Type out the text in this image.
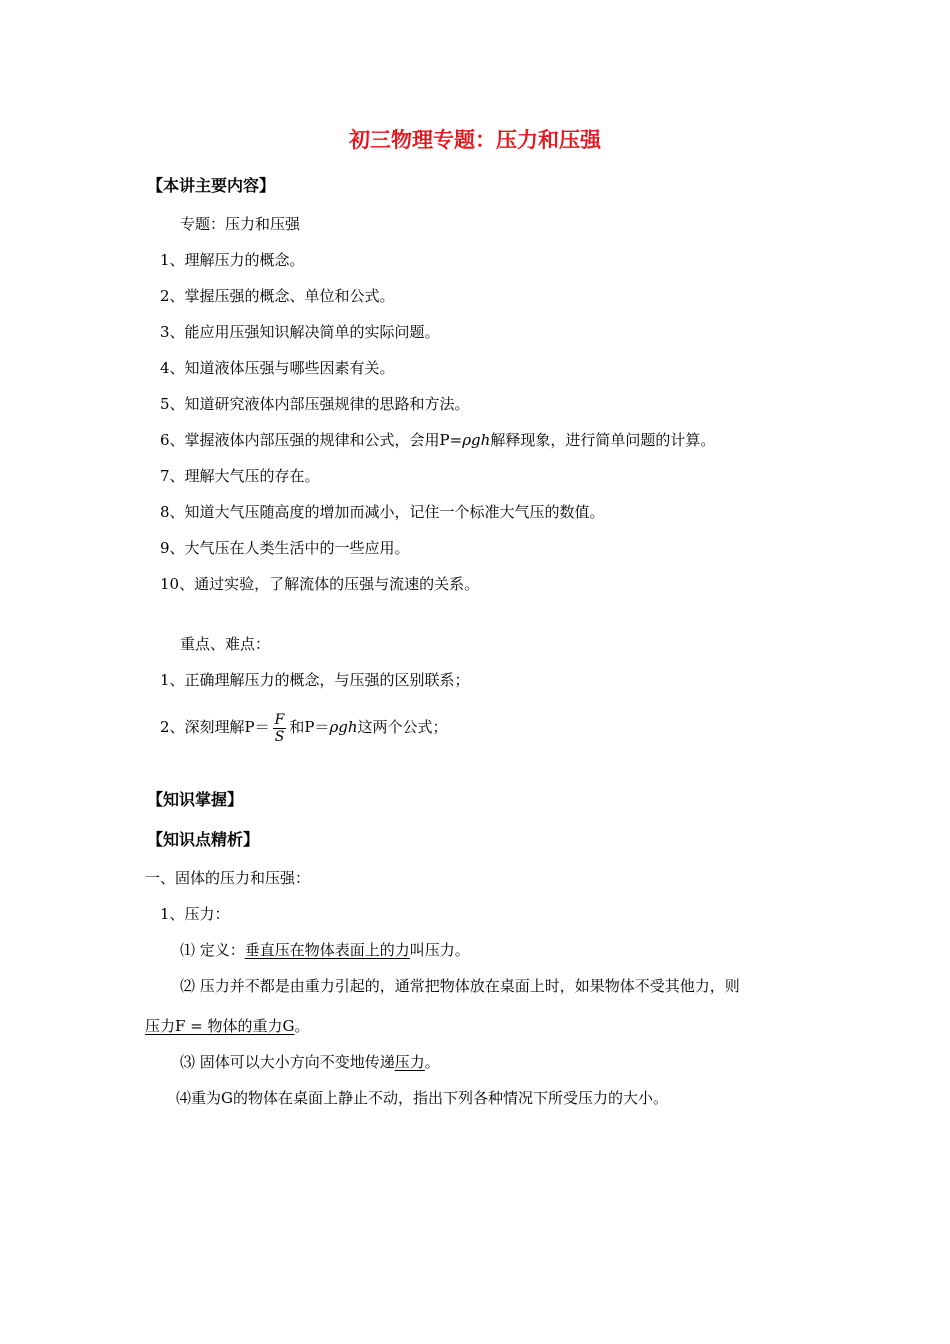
初三物理专题：压力和压强
【本讲主要内容】
专题：压力和压强
1、理解压力的概念。
2、掌握压强的概念、单位和公式。
3、能应用压强知识解决简单的实际问题。
4、知道液体压强与哪些因素有关。
5、知道研究液体内部压强规律的思路和方法。
6、掌握液体内部压强的规律和公式，会用P=ρgh解释现象，进行简单问题的计算。
7、理解大气压的存在。
8、知道大气压随高度的增加而减小，记住一个标准大气压的数值。
9、大气压在人类生活中的一些应用。
10、通过实验，了解流体的压强与流速的关系。
重点、难点：
1、正确理解压力的概念，与压强的区别联系；
2、深刻理解$P= \frac{F}{S}$ 和P＝ρgh这两个公式；
【知识掌握】
【知识点精析】
一、固体的压力和压强：
1、压力：
⑴ 定义：垂直压在物体表面上的力叫压力。
⑵ 压力并不都是由重力引起的，通常把物体放在桌面上时，如果物体不受其他力，则
压力F = 物体的重力G。
⑶ 固体可以大小方向不变地传递压力。
⑷重为G的物体在桌面上静止不动，指出下列各种情况下所受压力的大小。
